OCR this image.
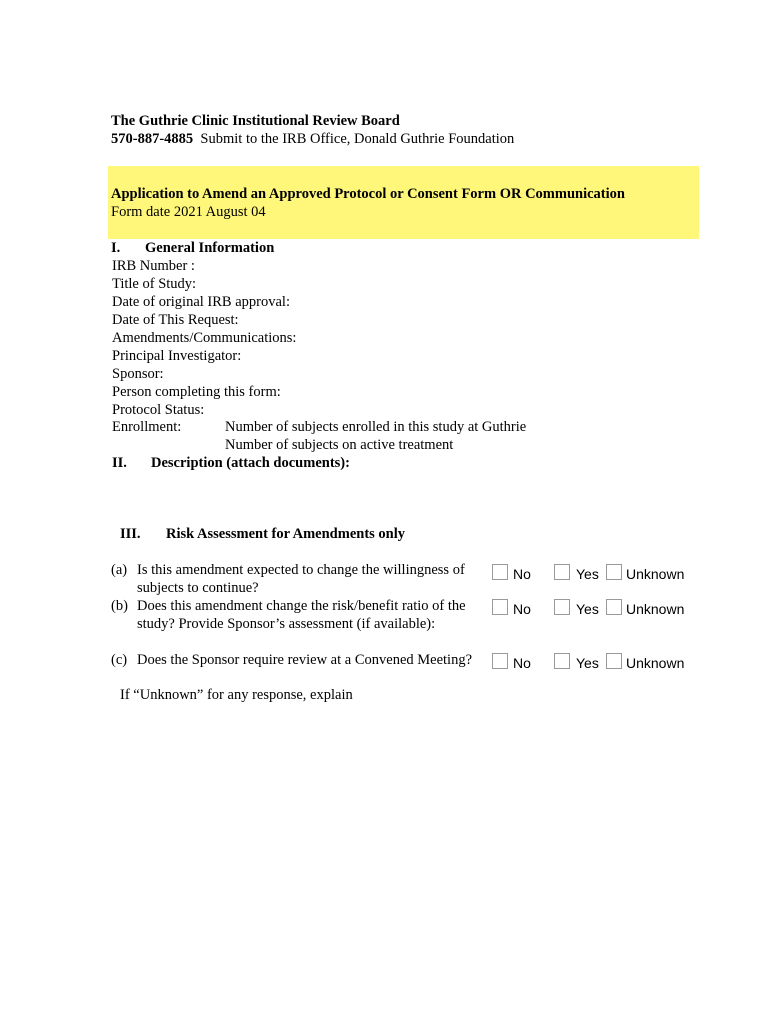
The Guthrie Clinic Institutional Review Board
570-887-4885 Submit to the IRB Office, Donald Guthrie Foundation
Application to Amend an Approved Protocol or Consent Form OR Communication
Form date 2021 August 04
I. General Information
IRB Number :
Title of Study:
Date of original IRB approval:
Date of This Request:
Amendments/Communications:
Principal Investigator:
Sponsor:
Person completing this form:
Protocol Status:
Enrollment:	Number of subjects enrolled in this study at Guthrie
Number of subjects on active treatment
II. Description (attach documents):
III. Risk Assessment for Amendments only
(a) Is this amendment expected to change the willingness of
subjects to continue?
No	Yes Unknown
(b) Does this amendment change the risk/benefit ratio of the
study? Provide Sponsor’s assessment (if available):
No	Yes Unknown
(c) Does the Sponsor require review at a Convened Meeting?	No	Yes Unknown
If “Unknown” for any response, explain
